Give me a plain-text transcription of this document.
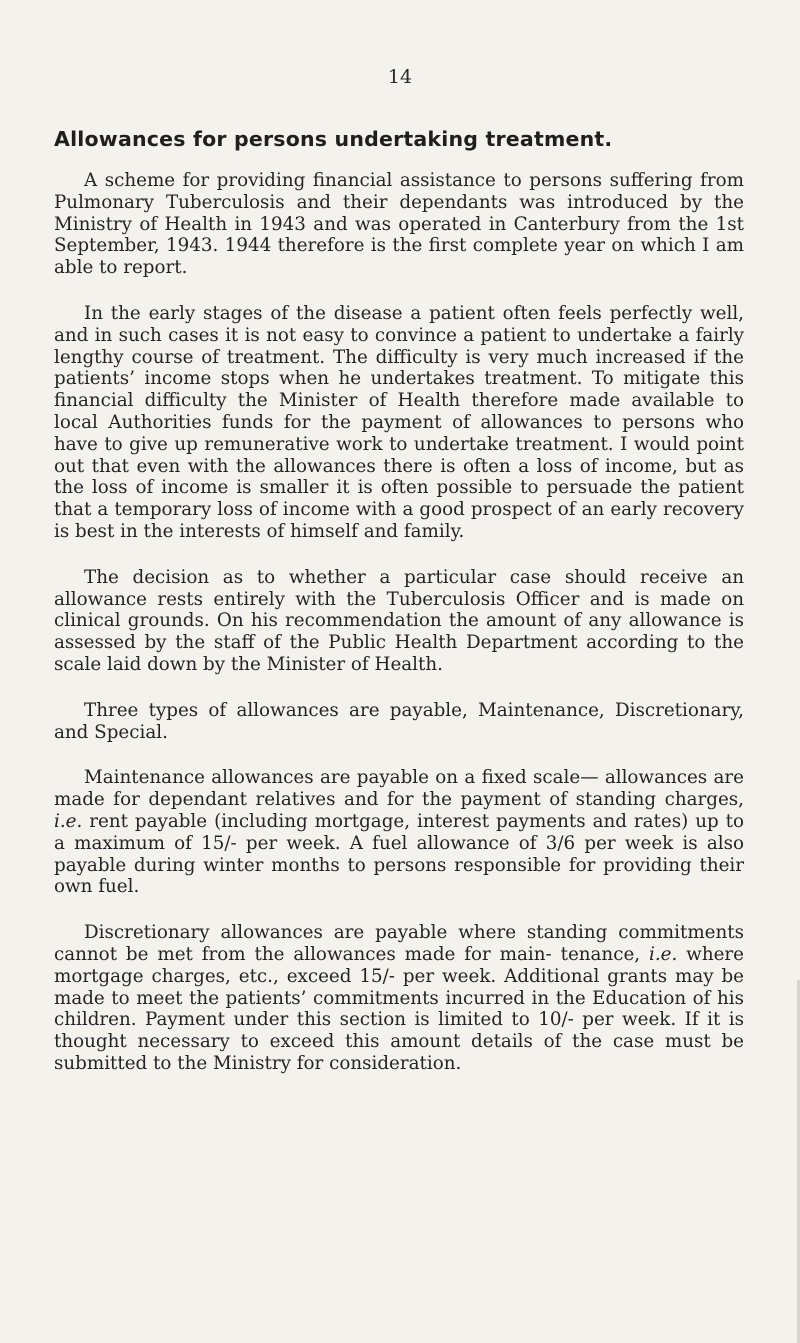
14
Allowances for persons undertaking treatment.

A scheme for providing financial assistance to persons suffering from Pulmonary Tuberculosis and their dependants was introduced by the Ministry of Health in 1943 and was operated in Canterbury from the 1st September, 1943. 1944 therefore is the first complete year on which I am able to report.

In the early stages of the disease a patient often feels perfectly well, and in such cases it is not easy to convince a patient to undertake a fairly lengthy course of treatment. The difficulty is very much increased if the patients’ income stops when he undertakes treatment. To mitigate this financial difficulty the Minister of Health therefore made available to local Authorities funds for the payment of allowances to persons who have to give up remunerative work to undertake treatment. I would point out that even with the allowances there is often a loss of income, but as the loss of income is smaller it is often possible to persuade the patient that a temporary loss of income with a good prospect of an early recovery is best in the interests of himself and family.

The decision as to whether a particular case should receive an allowance rests entirely with the Tuberculosis Officer and is made on clinical grounds. On his recommendation the amount of any allowance is assessed by the staff of the Public Health Department according to the scale laid down by the Minister of Health.

Three types of allowances are payable, Maintenance, Discretionary, and Special.

Maintenance allowances are payable on a fixed scale— allowances are made for dependant relatives and for the payment of standing charges, i.e. rent payable (including mortgage, interest payments and rates) up to a maximum of 15/- per week. A fuel allowance of 3/6 per week is also payable during winter months to persons responsible for providing their own fuel.

Discretionary allowances are payable where standing commitments cannot be met from the allowances made for main- tenance, i.e. where mortgage charges, etc., exceed 15/- per week. Additional grants may be made to meet the patients’ commitments incurred in the Education of his children. Payment under this section is limited to 10/- per week. If it is thought necessary to exceed this amount details of the case must be submitted to the Ministry for consideration.
